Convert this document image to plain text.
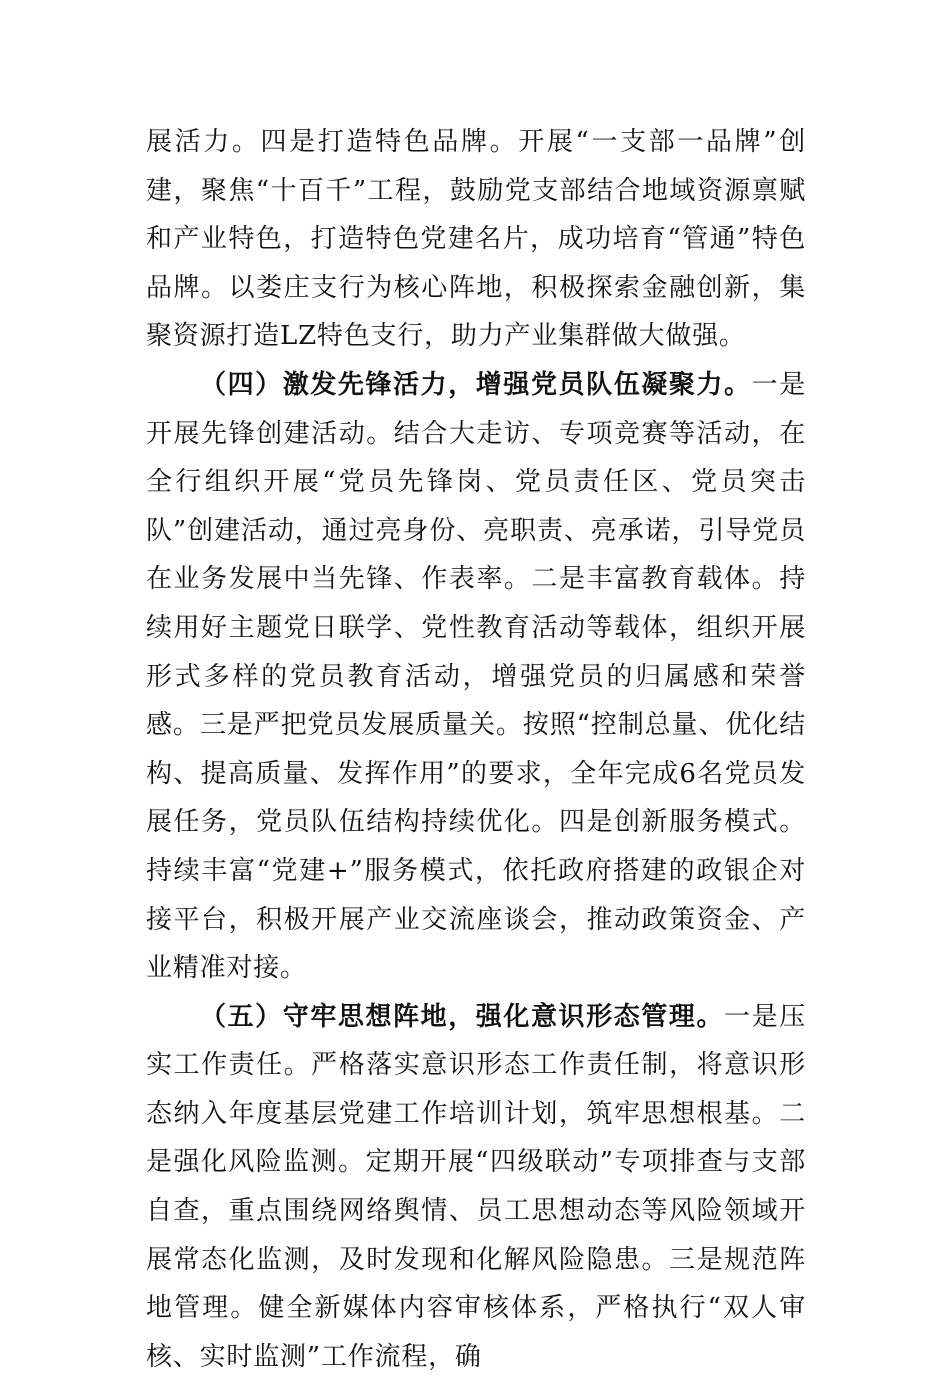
展活力。四是打造特色品牌。开展“一支部一品牌”创建，聚焦“十百千”工程，鼓励党支部结合地域资源禀赋和产业特色，打造特色党建名片，成功培育“管通”特色品牌。以娄庄支行为核心阵地，积极探索金融创新，集聚资源打造LZ特色支行，助力产业集群做大做强。

（四）激发先锋活力，增强党员队伍凝聚力。一是开展先锋创建活动。结合大走访、专项竞赛等活动，在全行组织开展“党员先锋岗、党员责任区、党员突击队”创建活动，通过亮身份、亮职责、亮承诺，引导党员在业务发展中当先锋、作表率。二是丰富教育载体。持续用好主题党日联学、党性教育活动等载体，组织开展形式多样的党员教育活动，增强党员的归属感和荣誉感。三是严把党员发展质量关。按照“控制总量、优化结构、提高质量、发挥作用”的要求，全年完成6名党员发展任务，党员队伍结构持续优化。四是创新服务模式。持续丰富“党建+”服务模式，依托政府搭建的政银企对接平台，积极开展产业交流座谈会，推动政策资金、产业精准对接。

（五）守牢思想阵地，强化意识形态管理。一是压实工作责任。严格落实意识形态工作责任制，将意识形态纳入年度基层党建工作培训计划，筑牢思想根基。二是强化风险监测。定期开展“四级联动”专项排查与支部自查，重点围绕网络舆情、员工思想动态等风险领域开展常态化监测，及时发现和化解风险隐患。三是规范阵地管理。健全新媒体内容审核体系，严格执行“双人审核、实时监测”工作流程，确
